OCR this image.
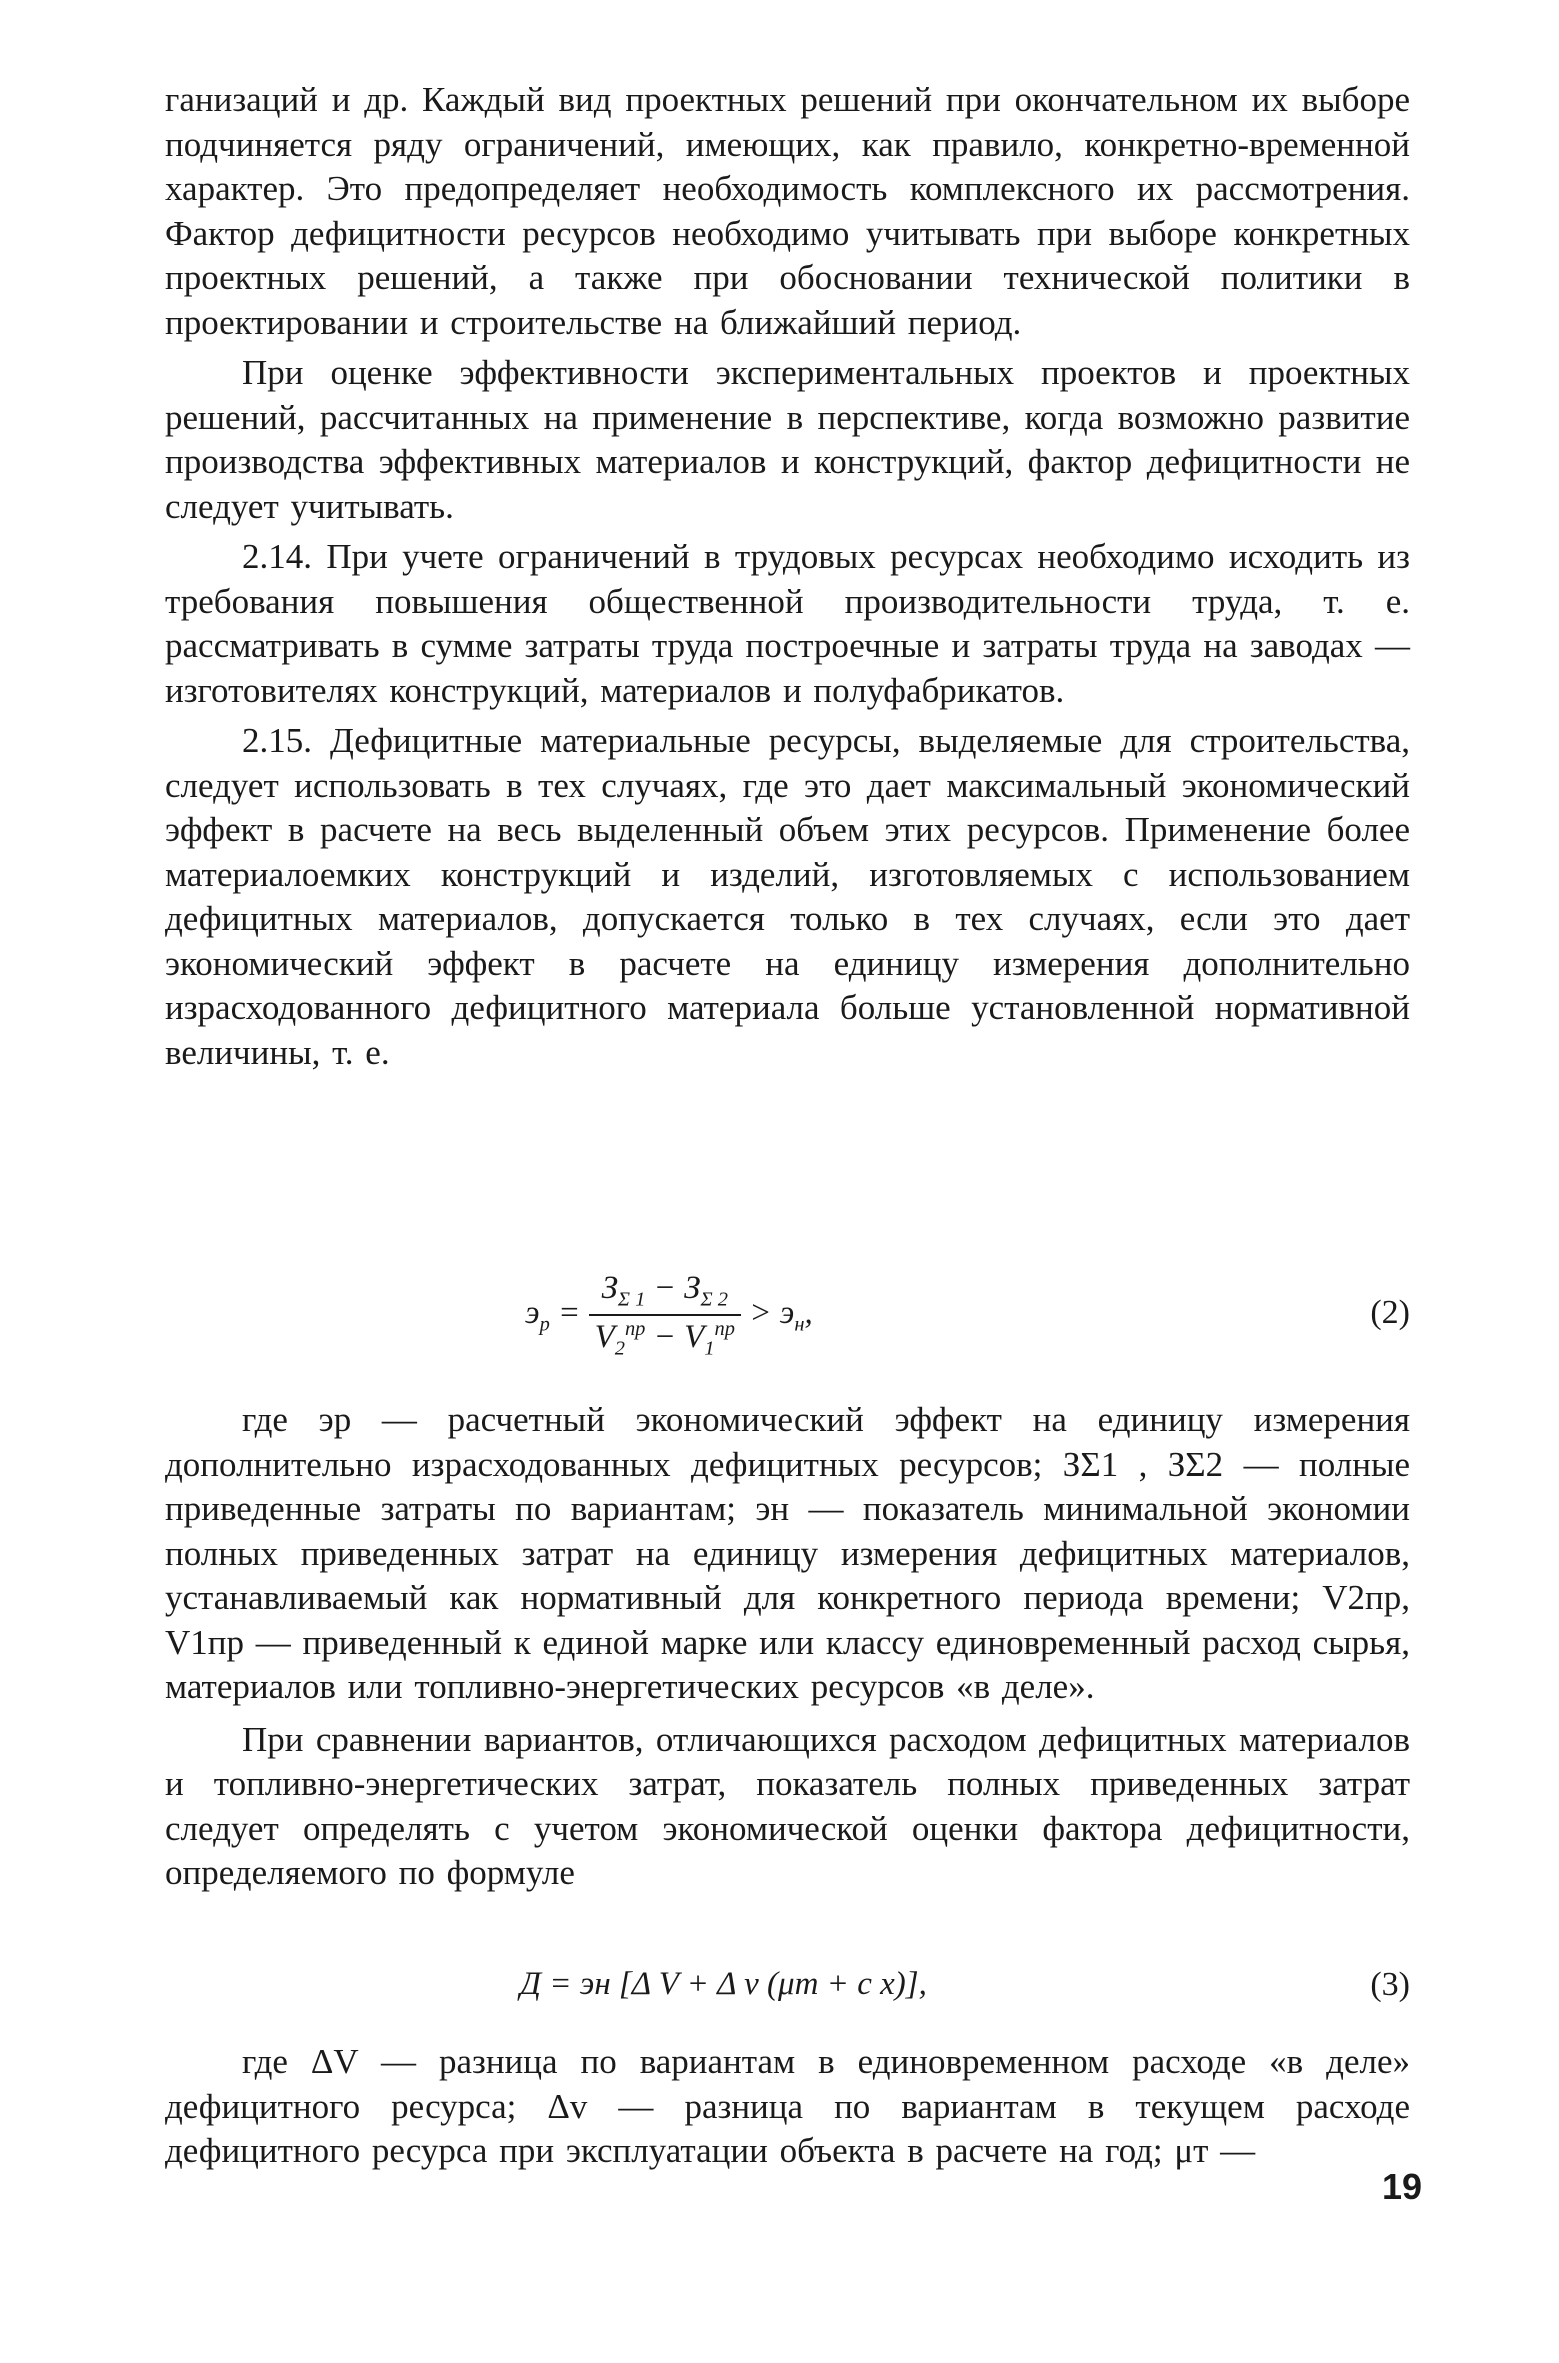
ганизаций и др. Каждый вид проектных решений при окончательном их выборе подчиняется ряду ограничений, имеющих, как правило, конкретно-временной характер. Это предопределяет необходимость комплексного их рассмотрения. Фактор дефицитности ресурсов необходимо учитывать при выборе конкретных проектных решений, а также при обосновании технической политики в проектировании и строительстве на ближайший период.

При оценке эффективности экспериментальных проектов и проектных решений, рассчитанных на применение в перспективе, когда возможно развитие производства эффективных материалов и конструкций, фактор дефицитности не следует учитывать.

2.14. При учете ограничений в трудовых ресурсах необходимо исходить из требования повышения общественной производительности труда, т. е. рассматривать в сумме затраты труда построечные и затраты труда на заводах — изготовителях конструкций, материалов и полуфабрикатов.

2.15. Дефицитные материальные ресурсы, выделяемые для строительства, следует использовать в тех случаях, где это дает максимальный экономический эффект в расчете на весь выделенный объем этих ресурсов. Применение более материалоемких конструкций и изделий, изготовляемых с использованием дефицитных материалов, допускается только в тех случаях, если это дает экономический эффект в расчете на единицу измерения дополнительно израсходованного дефицитного материала больше установленной нормативной величины, т. е.

$э_р = \frac{З_{\Sigma 1} - З_{\Sigma 2}}{V_2^{пр} - V_1^{пр}} > э_н$,	(2)

где эр — расчетный экономический эффект на единицу измерения дополнительно израсходованных дефицитных ресурсов; ЗΣ1 , ЗΣ2 — полные приведенные затраты по вариантам; эн — показатель минимальной экономии полных приведенных затрат на единицу измерения дефицитных материалов, устанавливаемый как нормативный для конкретного периода времени; V2пр, V1пр — приведенный к единой марке или классу единовременный расход сырья, материалов или топливно-энергетических ресурсов «в деле».

При сравнении вариантов, отличающихся расходом дефицитных материалов и топливно-энергетических затрат, показатель полных приведенных затрат следует определять с учетом экономической оценки фактора дефицитности, определяемого по формуле

Д = эн [Δ V + Δ v (μт + c x)],	(3)

где ΔV — разница по вариантам в единовременном расходе «в деле» дефицитного ресурса; Δv — разница по вариантам в текущем расходе дефицитного ресурса при эксплуатации объекта в расчете на год; μт —

19
